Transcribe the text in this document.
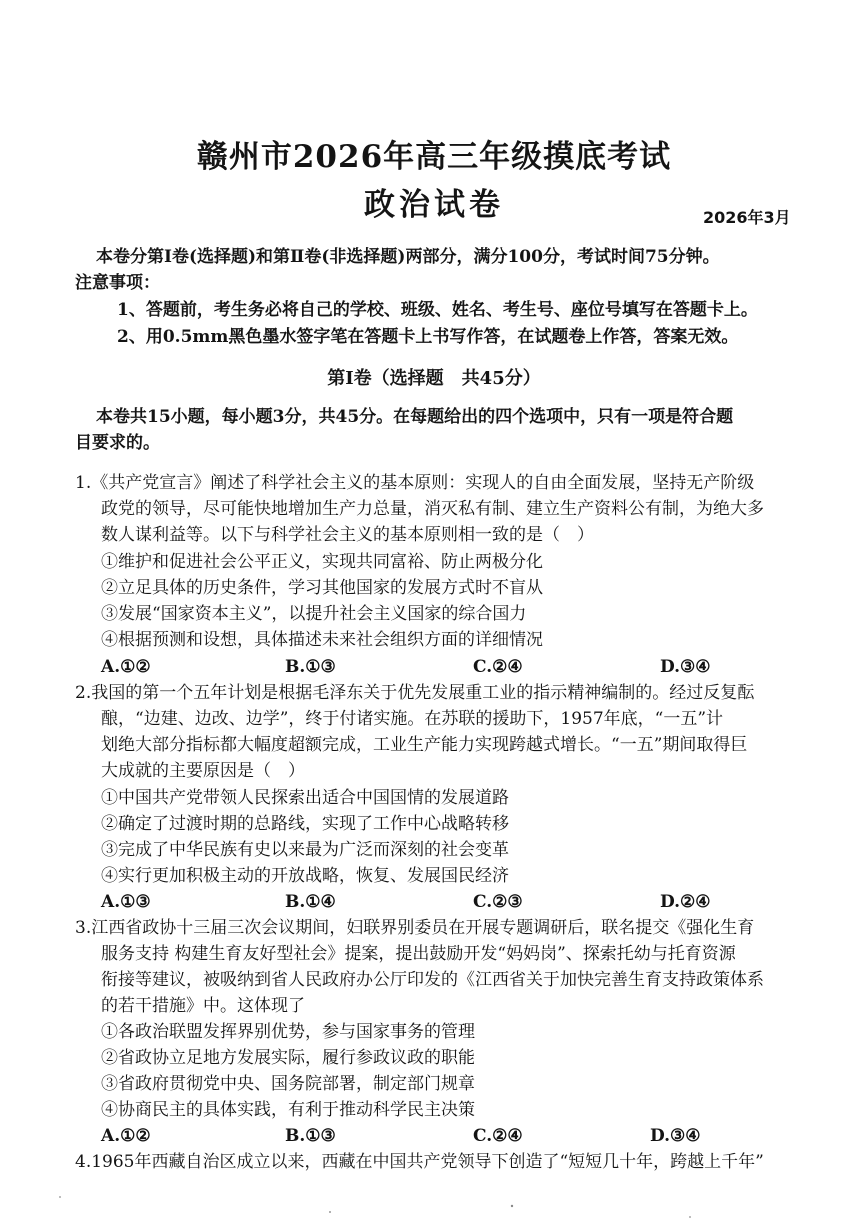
赣州市2026年高三年级摸底考试
政治试卷	2026年3月
本卷分第Ⅰ卷(选择题)和第Ⅱ卷(非选择题)两部分，满分100分，考试时间75分钟。
注意事项：
1、答题前，考生务必将自己的学校、班级、姓名、考生号、座位号填写在答题卡上。
2、用0.5mm黑色墨水签字笔在答题卡上书写作答，在试题卷上作答，答案无效。
第Ⅰ卷（选择题　共45分）
本卷共15小题，每小题3分，共45分。在每题给出的四个选项中，只有一项是符合题
目要求的。
1.《共产党宣言》阐述了科学社会主义的基本原则：实现人的自由全面发展，坚持无产阶级
政党的领导，尽可能快地增加生产力总量，消灭私有制、建立生产资料公有制，为绝大多
数人谋利益等。以下与科学社会主义的基本原则相一致的是（　）
①维护和促进社会公平正义，实现共同富裕、防止两极分化
②立足具体的历史条件，学习其他国家的发展方式时不盲从
③发展“国家资本主义”，以提升社会主义国家的综合国力
④根据预测和设想，具体描述未来社会组织方面的详细情况
A.①②	B.①③	C.②④	D.③④
2.我国的第一个五年计划是根据毛泽东关于优先发展重工业的指示精神编制的。经过反复酝
酿，“边建、边改、边学”，终于付诸实施。在苏联的援助下，1957年底，“一五”计
划绝大部分指标都大幅度超额完成，工业生产能力实现跨越式增长。“一五”期间取得巨
大成就的主要原因是（　）
①中国共产党带领人民探索出适合中国国情的发展道路
②确定了过渡时期的总路线，实现了工作中心战略转移
③完成了中华民族有史以来最为广泛而深刻的社会变革
④实行更加积极主动的开放战略，恢复、发展国民经济
A.①③	B.①④	C.②③	D.②④
3.江西省政协十三届三次会议期间，妇联界别委员在开展专题调研后，联名提交《强化生育
服务支持 构建生育友好型社会》提案，提出鼓励开发“妈妈岗”、探索托幼与托育资源
衔接等建议，被吸纳到省人民政府办公厅印发的《江西省关于加快完善生育支持政策体系
的若干措施》中。这体现了
①各政治联盟发挥界别优势，参与国家事务的管理
②省政协立足地方发展实际，履行参政议政的职能
③省政府贯彻党中央、国务院部署，制定部门规章
④协商民主的具体实践，有利于推动科学民主决策
A.①②	B.①③	C.②④	D.③④
4.1965年西藏自治区成立以来，西藏在中国共产党领导下创造了“短短几十年，跨越上千年”
